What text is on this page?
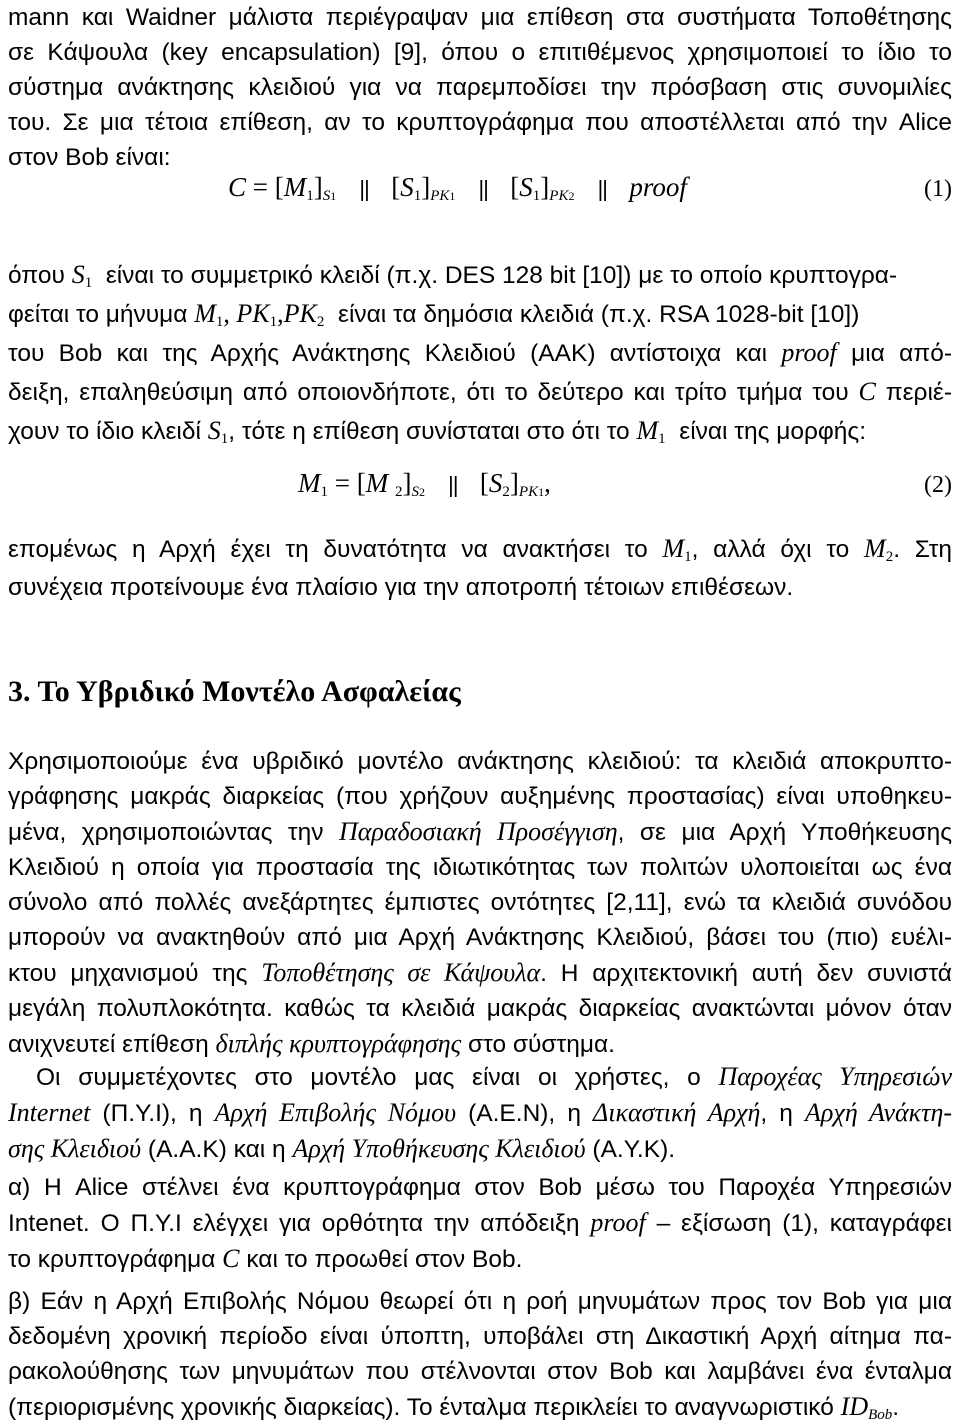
mann και Waidner μάλιστα περιέγραψαν μια επίθεση στα συστήματα Τοποθέτησης

σε Κάψουλα (key encapsulation) [9], όπου ο επιτιθέμενος χρησιμοποιεί το ίδιο το

σύστημα ανάκτησης κλειδιού για να παρεμποδίσει την πρόσβαση στις συνομιλίες

του. Σε μια τέτοια επίθεση, αν το κρυπτογράφημα που αποστέλλεται από την Alice

στον Bob είναι:

$C = [M_1]_{S1}$ || $[S_1]_{PK1}$ || $[S_1]_{PK2}$ || proof	(1)

όπου $S_1$ είναι το συμμετρικό κλειδί (π.χ. DES 128 bit [10]) με το οποίο κρυπτογρα-

φείται το μήνυμα $M_1$, $PK_1,PK_2$ είναι τα δημόσια κλειδιά (π.χ. RSA 1028-bit [10])

του Bob και της Αρχής Ανάκτησης Κλειδιού (ΑΑΚ) αντίστοιχα και proof μια από-

δειξη, επαληθεύσιμη από οποιονδήποτε, ότι το δεύτερο και τρίτο τμήμα του C περιέ-

χουν το ίδιο κλειδί $S_1$, τότε η επίθεση συνίσταται στο ότι το $M_1$ είναι της μορφής:

$M_1 = [M$ $_2]_{S2}$ || $[S_2]_{PK1}$,	(2)

επομένως η Αρχή έχει τη δυνατότητα να ανακτήσει το $M_1$, αλλά όχι το $M_2$. Στη

συνέχεια προτείνουμε ένα πλαίσιο για την αποτροπή τέτοιων επιθέσεων.

3. Το Υβριδικό Μοντέλο Ασφαλείας

Χρησιμοποιούμε ένα υβριδικό μοντέλο ανάκτησης κλειδιού: τα κλειδιά αποκρυπτο-

γράφησης μακράς διαρκείας (που χρήζουν αυξημένης προστασίας) είναι υποθηκευ-

μένα, χρησιμοποιώντας την Παραδοσιακή Προσέγγιση, σε μια Αρχή Υποθήκευσης

Κλειδιού η οποία για προστασία της ιδιωτικότητας των πολιτών υλοποιείται ως ένα

σύνολο από πολλές ανεξάρτητες έμπιστες οντότητες [2,11], ενώ τα κλειδιά συνόδου

μπορούν να ανακτηθούν από μια Αρχή Ανάκτησης Κλειδιού, βάσει του (πιο) ευέλι-

κτου μηχανισμού της Τοποθέτησης σε Κάψουλα. Η αρχιτεκτονική αυτή δεν συνιστά

μεγάλη πολυπλοκότητα. καθώς τα κλειδιά μακράς διαρκείας ανακτώνται μόνον όταν

ανιχνευτεί επίθεση διπλής κρυπτογράφησης στο σύστημα.

Οι συμμετέχοντες στο μοντέλο μας είναι οι χρήστες, ο Παροχέας Υπηρεσιών

Internet (Π.Υ.Ι), η Αρχή Επιβολής Νόμου (Α.Ε.Ν), η Δικαστική Αρχή, η Αρχή Ανάκτη-

σης Κλειδιού (Α.Α.Κ) και η Αρχή Υποθήκευσης Κλειδιού (Α.Υ.Κ).

α) Η Alice στέλνει ένα κρυπτογράφημα στον Bob μέσω του Παροχέα Υπηρεσιών

Intenet. Ο Π.Υ.Ι ελέγχει για ορθότητα την απόδειξη proof – εξίσωση (1), καταγράφει

το κρυπτογράφημα C και το προωθεί στον Bob.

β) Εάν η Αρχή Επιβολής Νόμου θεωρεί ότι η ροή μηνυμάτων προς τον Bob για μια

δεδομένη χρονική περίοδο είναι ύποπτη, υποβάλει στη Δικαστική Αρχή αίτημα πα-

ρακολούθησης των μηνυμάτων που στέλνονται στον Bob και λαμβάνει ένα ένταλμα

(περιορισμένης χρονικής διαρκείας). Το ένταλμα περικλείει το αναγνωριστικό $ID_{Bob}$.
